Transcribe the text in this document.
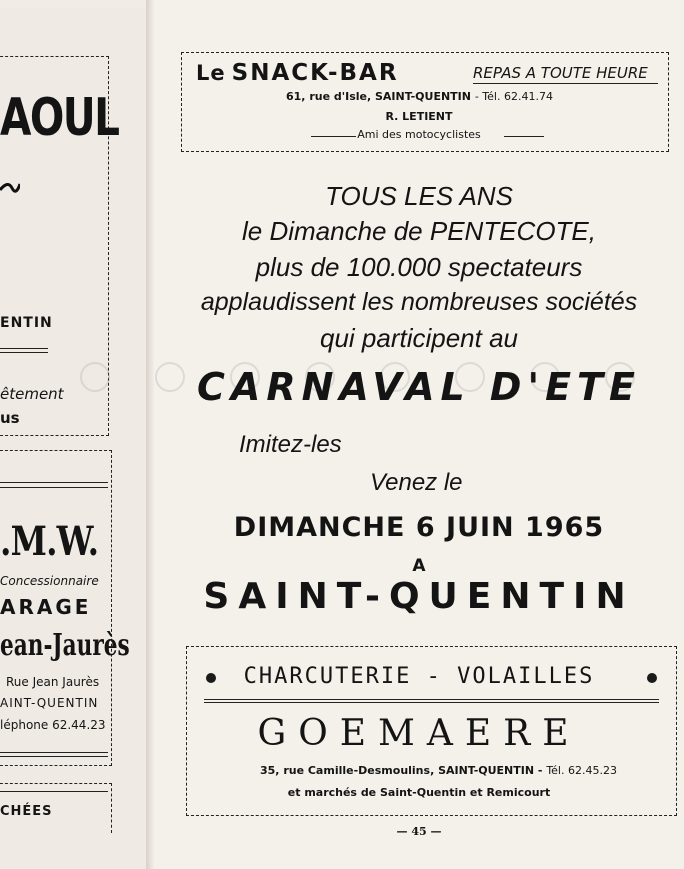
AOUL
ENTIN
êtement
us
.M.W.
Concessionnaire
ARAGE
ean-Jaurès
Rue Jean Jaurès
AINT-QUENTIN
léphone 62.44.23
CHÉES
Le SNACK-BAR	REPAS A TOUTE HEURE
61, rue d'Isle, SAINT-QUENTIN - Tél. 62.41.74
R. LETIENT
Ami des motocyclistes
TOUS LES ANS
le Dimanche de PENTECOTE,
plus de 100.000 spectateurs
applaudissent les nombreuses sociétés
qui participent au
CARNAVAL D'ETE
Imitez-les
Venez le
DIMANCHE 6 JUIN 1965
A
SAINT-QUENTIN
CHARCUTERIE - VOLAILLES
GOEMAERE
35, rue Camille-Desmoulins, SAINT-QUENTIN - Tél. 62.45.23
et marchés de Saint-Quentin et Remicourt
— 45 —
